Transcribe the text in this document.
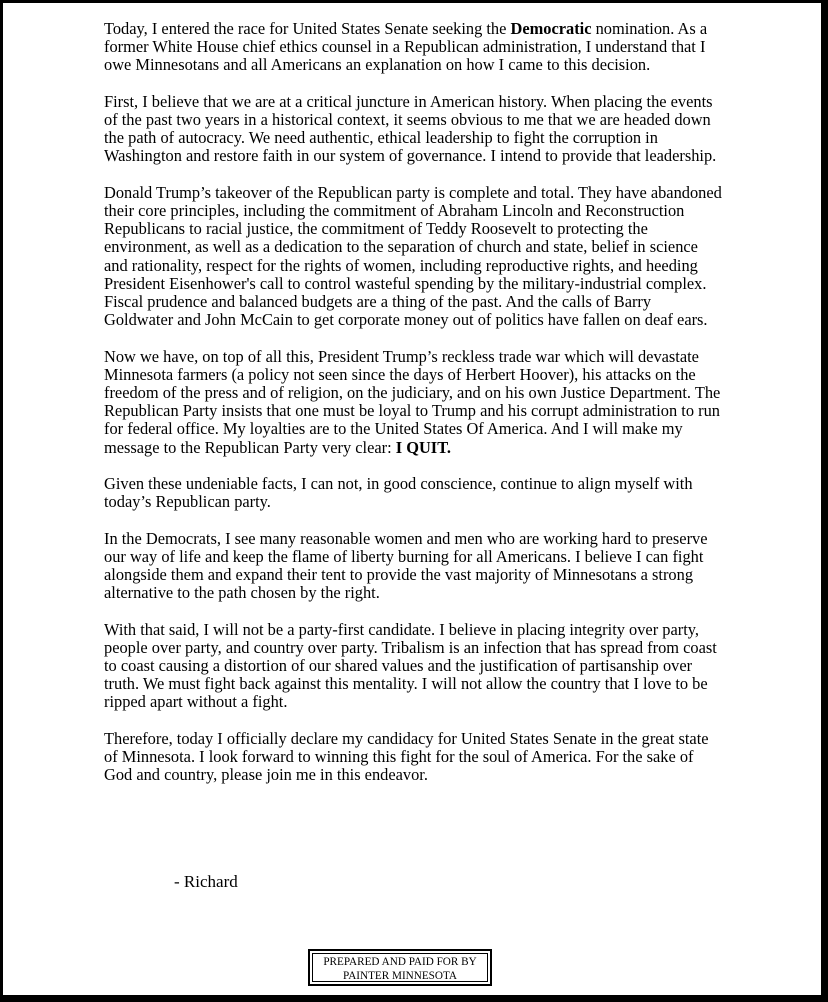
Today, I entered the race for United States Senate seeking the Democratic nomination. As a former White House chief ethics counsel in a Republican administration, I understand that I owe Minnesotans and all Americans an explanation on how I came to this decision.

First, I believe that we are at a critical juncture in American history. When placing the events of the past two years in a historical context, it seems obvious to me that we are headed down the path of autocracy. We need authentic, ethical leadership to fight the corruption in Washington and restore faith in our system of governance. I intend to provide that leadership.

Donald Trump’s takeover of the Republican party is complete and total. They have abandoned their core principles, including the commitment of Abraham Lincoln and Reconstruction Republicans to racial justice, the commitment of Teddy Roosevelt to protecting the environment, as well as a dedication to the separation of church and state, belief in science and rationality, respect for the rights of women, including reproductive rights, and heeding President Eisenhower's call to control wasteful spending by the military-industrial complex. Fiscal prudence and balanced budgets are a thing of the past. And the calls of Barry Goldwater and John McCain to get corporate money out of politics have fallen on deaf ears.

Now we have, on top of all this, President Trump’s reckless trade war which will devastate Minnesota farmers (a policy not seen since the days of Herbert Hoover), his attacks on the freedom of the press and of religion, on the judiciary, and on his own Justice Department. The Republican Party insists that one must be loyal to Trump and his corrupt administration to run for federal office. My loyalties are to the United States Of America. And I will make my message to the Republican Party very clear: I QUIT.

Given these undeniable facts, I can not, in good conscience, continue to align myself with today’s Republican party.

In the Democrats, I see many reasonable women and men who are working hard to preserve our way of life and keep the flame of liberty burning for all Americans. I believe I can fight alongside them and expand their tent to provide the vast majority of Minnesotans a strong alternative to the path chosen by the right.

With that said, I will not be a party-first candidate. I believe in placing integrity over party, people over party, and country over party. Tribalism is an infection that has spread from coast to coast causing a distortion of our shared values and the justification of partisanship over truth. We must fight back against this mentality. I will not allow the country that I love to be ripped apart without a fight.

Therefore, today I officially declare my candidacy for United States Senate in the great state of Minnesota. I look forward to winning this fight for the soul of America. For the sake of God and country, please join me in this endeavor.

- Richard
PREPARED AND PAID FOR BY
PAINTER MINNESOTA
